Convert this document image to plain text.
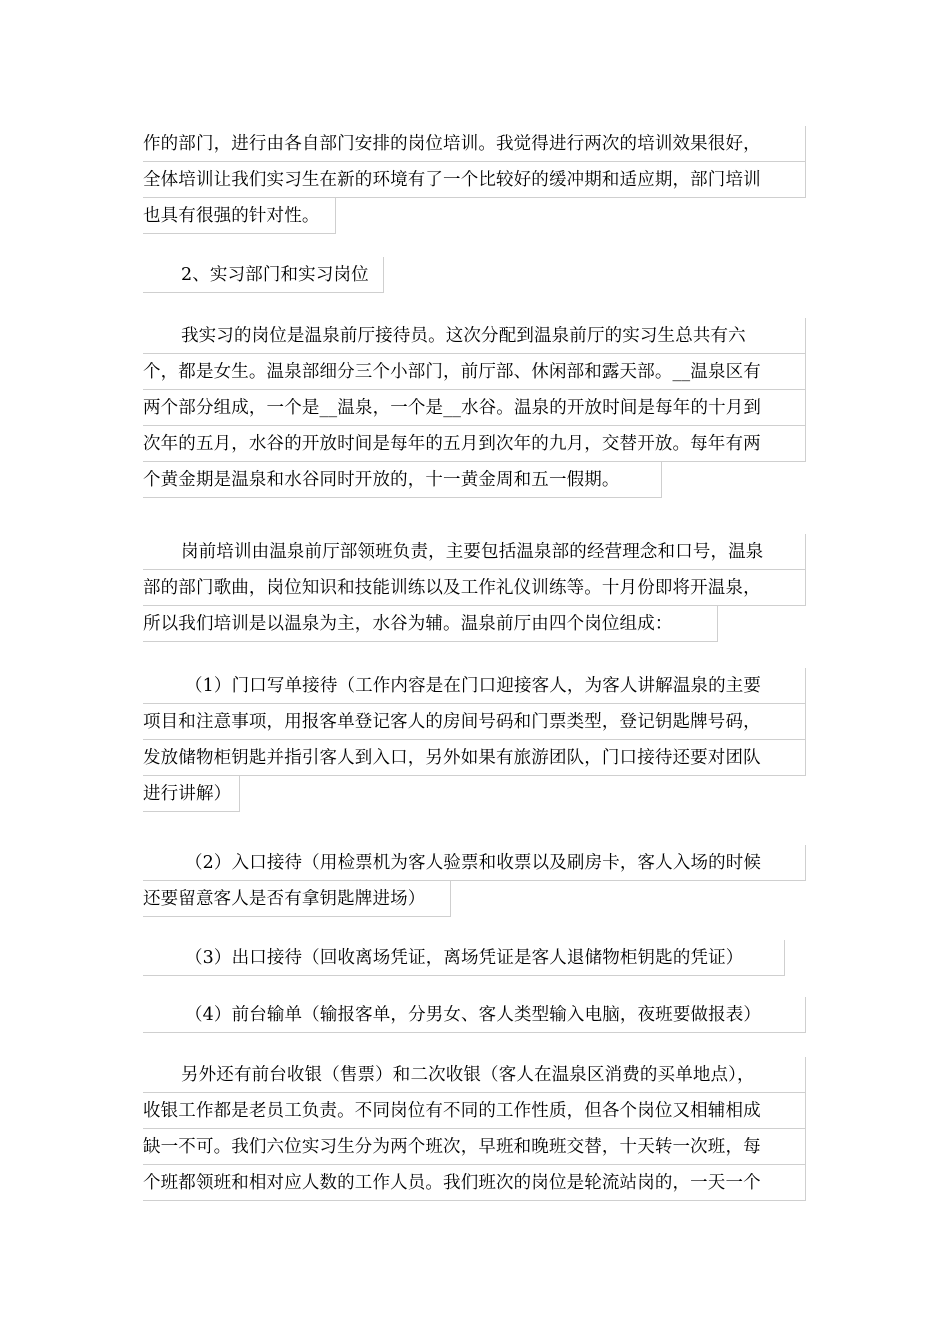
作的部门，进行由各自部门安排的岗位培训。我觉得进行两次的培训效果很好，
全体培训让我们实习生在新的环境有了一个比较好的缓冲期和适应期，部门培训
也具有很强的针对性。
2、实习部门和实习岗位
我实习的岗位是温泉前厅接待员。这次分配到温泉前厅的实习生总共有六
个，都是女生。温泉部细分三个小部门，前厅部、休闲部和露天部。__温泉区有
两个部分组成，一个是__温泉，一个是__水谷。温泉的开放时间是每年的十月到
次年的五月，水谷的开放时间是每年的五月到次年的九月，交替开放。每年有两
个黄金期是温泉和水谷同时开放的，十一黄金周和五一假期。
岗前培训由温泉前厅部领班负责，主要包括温泉部的经营理念和口号，温泉
部的部门歌曲，岗位知识和技能训练以及工作礼仪训练等。十月份即将开温泉，
所以我们培训是以温泉为主，水谷为辅。温泉前厅由四个岗位组成：
（1）门口写单接待（工作内容是在门口迎接客人，为客人讲解温泉的主要
项目和注意事项，用报客单登记客人的房间号码和门票类型，登记钥匙牌号码，
发放储物柜钥匙并指引客人到入口，另外如果有旅游团队，门口接待还要对团队
进行讲解）
（2）入口接待（用检票机为客人验票和收票以及刷房卡，客人入场的时候
还要留意客人是否有拿钥匙牌进场）
（3）出口接待（回收离场凭证，离场凭证是客人退储物柜钥匙的凭证）
（4）前台输单（输报客单，分男女、客人类型输入电脑，夜班要做报表）
另外还有前台收银（售票）和二次收银（客人在温泉区消费的买单地点），
收银工作都是老员工负责。不同岗位有不同的工作性质，但各个岗位又相辅相成
缺一不可。我们六位实习生分为两个班次，早班和晚班交替，十天转一次班，每
个班都领班和相对应人数的工作人员。我们班次的岗位是轮流站岗的，一天一个
